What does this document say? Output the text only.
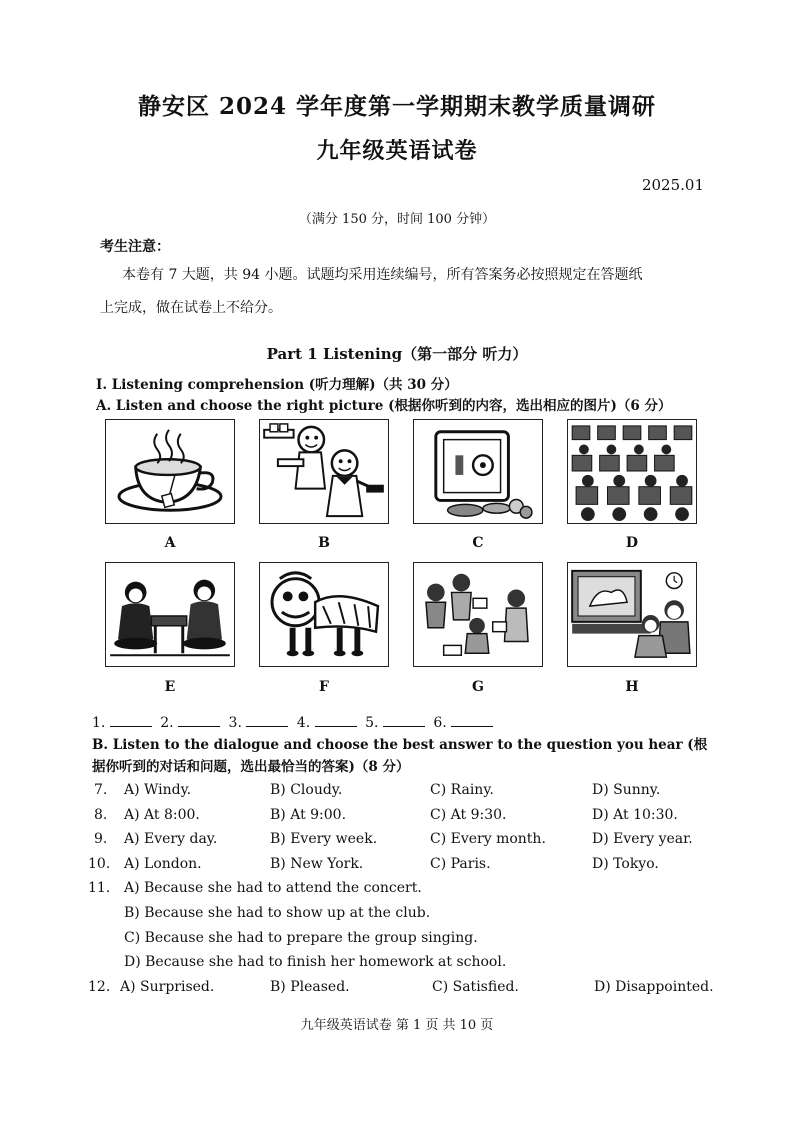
静安区 2024 学年度第一学期期末教学质量调研
九年级英语试卷
2025.01
（满分 150 分，时间 100 分钟）
考生注意：
本卷有 7 大题，共 94 小题。试题均采用连续编号，所有答案务必按照规定在答题纸
上完成，做在试卷上不给分。
Part 1 Listening（第一部分 听力）
I. Listening comprehension (听力理解)（共 30 分）
A. Listen and choose the right picture (根据你听到的内容，选出相应的图片)（6 分）
A	B	C	D
E	F	G	H
1.	2.	3.	4.	5.	6.
B. Listen to the dialogue and choose the best answer to the question you hear (根据你听到的对话和问题，选出最恰当的答案)（8 分）
7. A) Windy.	B) Cloudy.	C) Rainy.	D) Sunny.
8. A) At 8:00.	B) At 9:00.	C) At 9:30.	D) At 10:30.
9. A) Every day.	B) Every week.	C) Every month.	D) Every year.
10. A) London.	B) New York.	C) Paris.	D) Tokyo.
11. A) Because she had to attend the concert.
B) Because she had to show up at the club.
C) Because she had to prepare the group singing.
D) Because she had to finish her homework at school.
12. A) Surprised.	B) Pleased.	C) Satisfied.	D) Disappointed.
九年级英语试卷 第 1 页 共 10 页
